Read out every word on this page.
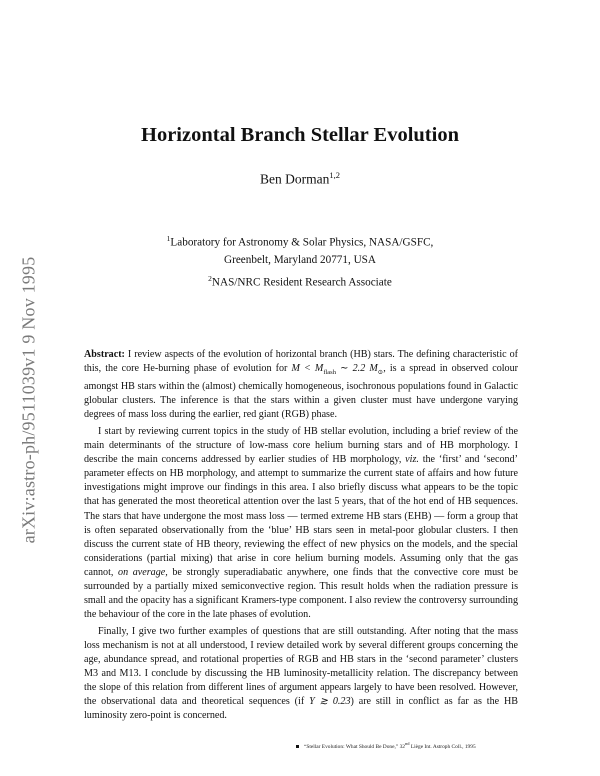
arXiv:astro-ph/9511039v1 9 Nov 1995
Horizontal Branch Stellar Evolution
Ben Dorman$^{1,2}$
$^1$Laboratory for Astronomy & Solar Physics, NASA/GSFC,
Greenbelt, Maryland 20771, USA
$^2$NAS/NRC Resident Research Associate

Abstract: I review aspects of the evolution of horizontal branch (HB) stars. The defining characteristic of this, the core He-burning phase of evolution for $M < M_{flash}$ ∼ 2.2 $M_⊙$, is a spread in observed colour amongst HB stars within the (almost) chemically homogeneous, isochronous populations found in Galactic globular clusters. The inference is that the stars within a given cluster must have undergone varying degrees of mass loss during the earlier, red giant (RGB) phase.

I start by reviewing current topics in the study of HB stellar evolution, including a brief review of the main determinants of the structure of low-mass core helium burning stars and of HB morphology. I describe the main concerns addressed by earlier studies of HB morphology, viz. the ‘first’ and ‘second’ parameter effects on HB morphology, and attempt to summarize the current state of affairs and how future investigations might improve our findings in this area. I also briefly discuss what appears to be the topic that has generated the most theoretical attention over the last 5 years, that of the hot end of HB sequences. The stars that have undergone the most mass loss — termed extreme HB stars (EHB) — form a group that is often separated observationally from the ‘blue’ HB stars seen in metal-poor globular clusters. I then discuss the current state of HB theory, reviewing the effect of new physics on the models, and the special considerations (partial mixing) that arise in core helium burning models. Assuming only that the gas cannot, on average, be strongly superadiabatic anywhere, one finds that the convective core must be surrounded by a partially mixed semiconvective region. This result holds when the radiation pressure is small and the opacity has a significant Kramers-type component. I also review the controversy surrounding the behaviour of the core in the late phases of evolution.

Finally, I give two further examples of questions that are still outstanding. After noting that the mass loss mechanism is not at all understood, I review detailed work by several different groups concerning the age, abundance spread, and rotational properties of RGB and HB stars in the ‘second parameter’ clusters M3 and M13. I conclude by discussing the HB luminosity-metallicity relation. The discrepancy between the slope of this relation from different lines of argument appears largely to have been resolved. However, the observational data and theoretical sequences (if Y ≳ 0.23) are still in conflict as far as the HB luminosity zero-point is concerned.

“Stellar Evolution: What Should Be Done,” 32nd Liège Int. Astroph Coll., 1995
